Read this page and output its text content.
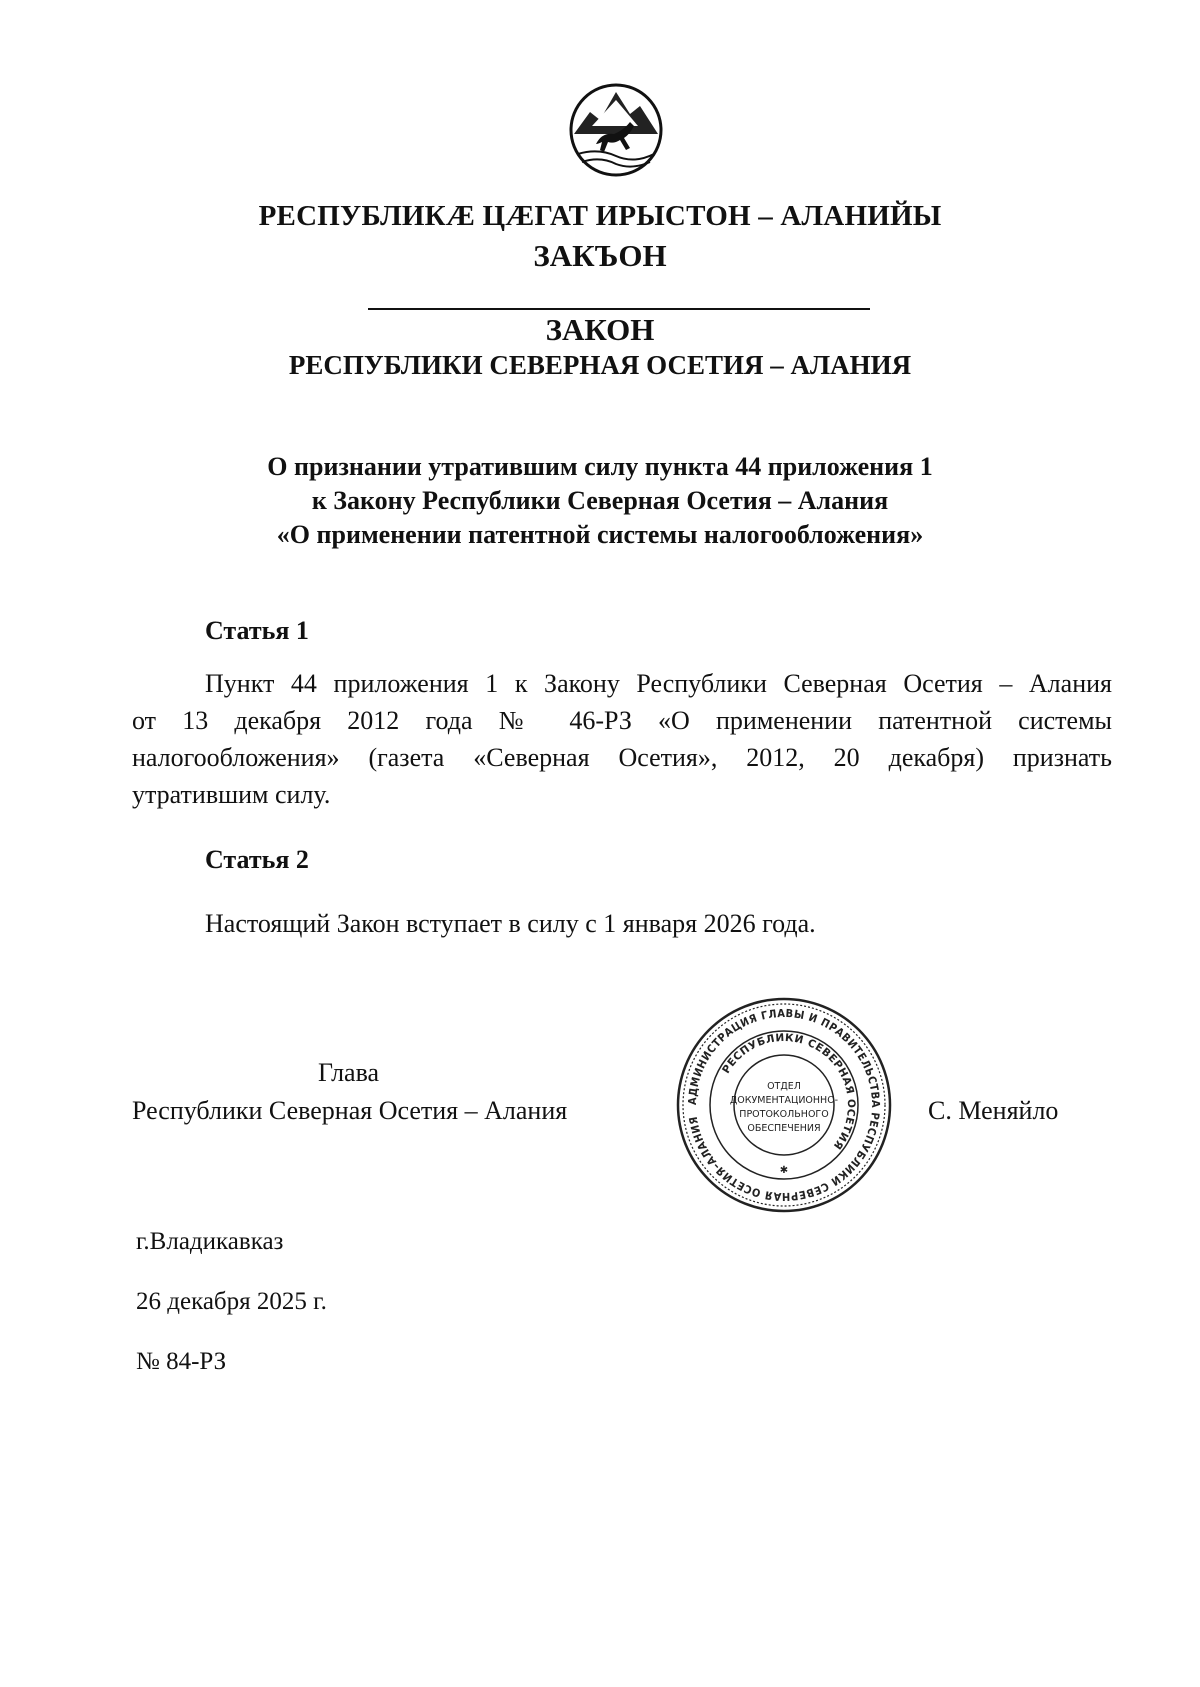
РЕСПУБЛИКÆ ЦÆГАТ ИРЫСТОН – АЛАНИЙЫ
ЗАКЪОН
ЗАКОН
РЕСПУБЛИКИ СЕВЕРНАЯ ОСЕТИЯ – АЛАНИЯ
О признании утратившим силу пункта 44 приложения 1
к Закону Республики Северная Осетия – Алания
«О применении патентной системы налогообложения»
Статья 1
Пункт 44 приложения 1 к Закону Республики Северная Осетия – Алания
от 13 декабря 2012 года № 46-РЗ «О применении патентной системы
налогообложения» (газета «Северная Осетия», 2012, 20 декабря) признать
утратившим силу.
Статья 2
Настоящий Закон вступает в силу с 1 января 2026 года.
Глава
Республики Северная Осетия – Алания	С. Меняйло
АДМИНИСТРАЦИЯ ГЛАВЫ И ПРАВИТЕЛЬСТВА РЕСПУБЛИКИ СЕВЕРНАЯ ОСЕТИЯ–АЛАНИЯ
РЕСПУБЛИКИ СЕВЕРНАЯ ОСЕТИЯ
ОТДЕЛ
ДОКУМЕНТАЦИОННО-
ПРОТОКОЛЬНОГО
ОБЕСПЕЧЕНИЯ
✱
г.Владикавказ
26 декабря 2025 г.
№ 84-РЗ
